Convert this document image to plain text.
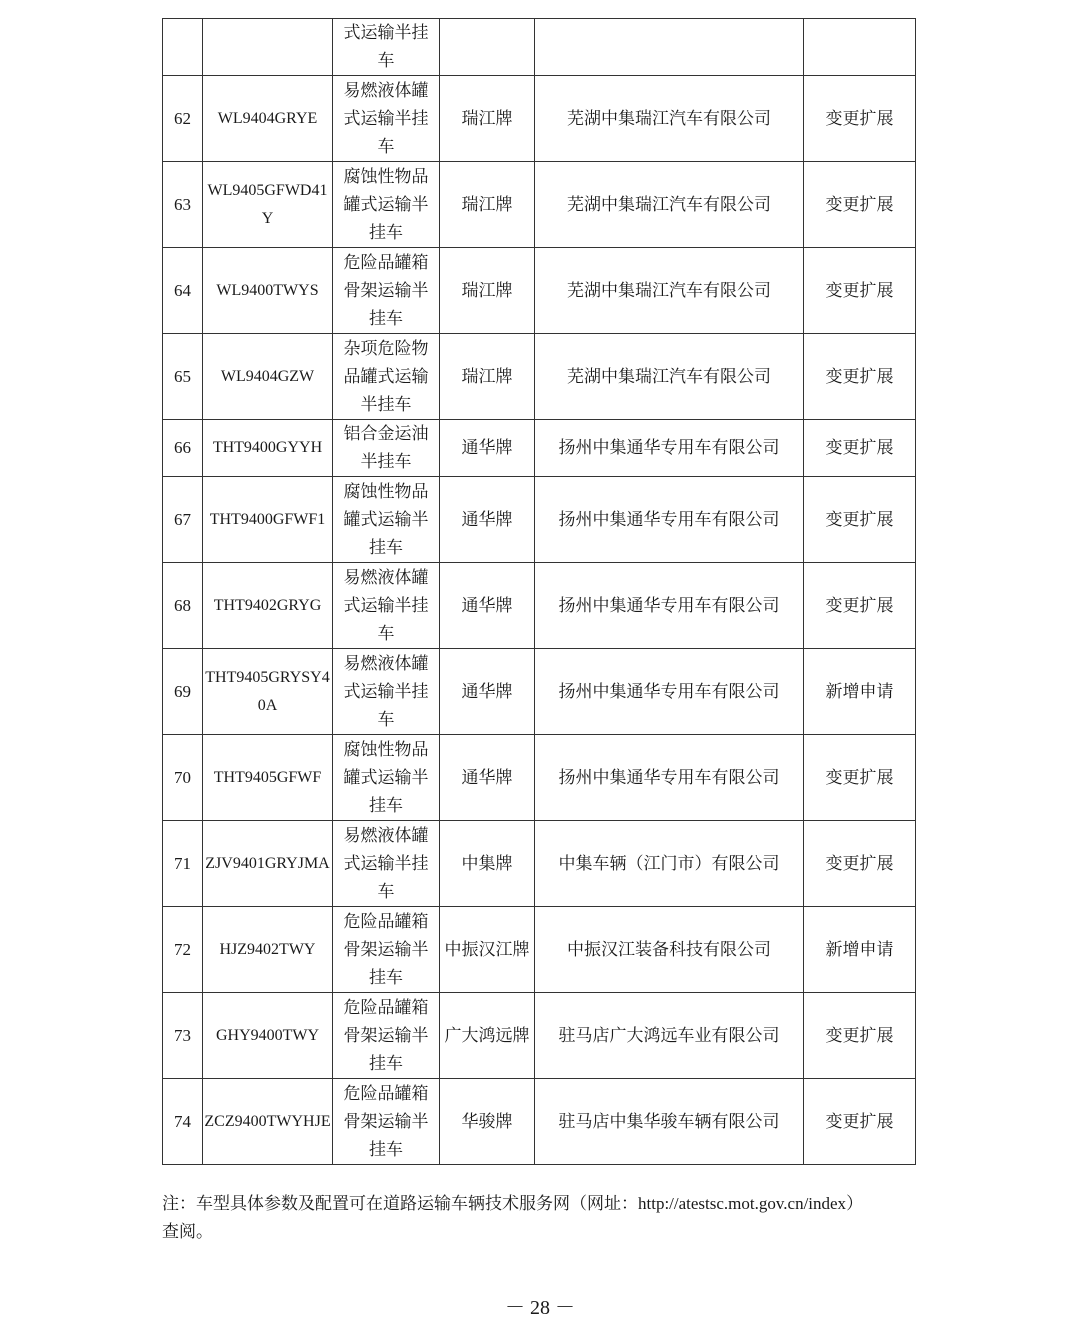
		式运输半挂车			
62	WL9404GRYE	易燃液体罐式运输半挂车	瑞江牌	芜湖中集瑞江汽车有限公司	变更扩展
63	WL9405GFWD41Y	腐蚀性物品罐式运输半挂车	瑞江牌	芜湖中集瑞江汽车有限公司	变更扩展
64	WL9400TWYS	危险品罐箱骨架运输半挂车	瑞江牌	芜湖中集瑞江汽车有限公司	变更扩展
65	WL9404GZW	杂项危险物品罐式运输半挂车	瑞江牌	芜湖中集瑞江汽车有限公司	变更扩展
66	THT9400GYYH	铝合金运油半挂车	通华牌	扬州中集通华专用车有限公司	变更扩展
67	THT9400GFWF1	腐蚀性物品罐式运输半挂车	通华牌	扬州中集通华专用车有限公司	变更扩展
68	THT9402GRYG	易燃液体罐式运输半挂车	通华牌	扬州中集通华专用车有限公司	变更扩展
69	THT9405GRYSY40A	易燃液体罐式运输半挂车	通华牌	扬州中集通华专用车有限公司	新增申请
70	THT9405GFWF	腐蚀性物品罐式运输半挂车	通华牌	扬州中集通华专用车有限公司	变更扩展
71	ZJV9401GRYJMA	易燃液体罐式运输半挂车	中集牌	中集车辆（江门市）有限公司	变更扩展
72	HJZ9402TWY	危险品罐箱骨架运输半挂车	中振汉江牌	中振汉江装备科技有限公司	新增申请
73	GHY9400TWY	危险品罐箱骨架运输半挂车	广大鸿远牌	驻马店广大鸿远车业有限公司	变更扩展
74	ZCZ9400TWYHJE	危险品罐箱骨架运输半挂车	华骏牌	驻马店中集华骏车辆有限公司	变更扩展

注：车型具体参数及配置可在道路运输车辆技术服务网（网址：http://atestsc.mot.gov.cn/index）
查阅。

－ 28 －
